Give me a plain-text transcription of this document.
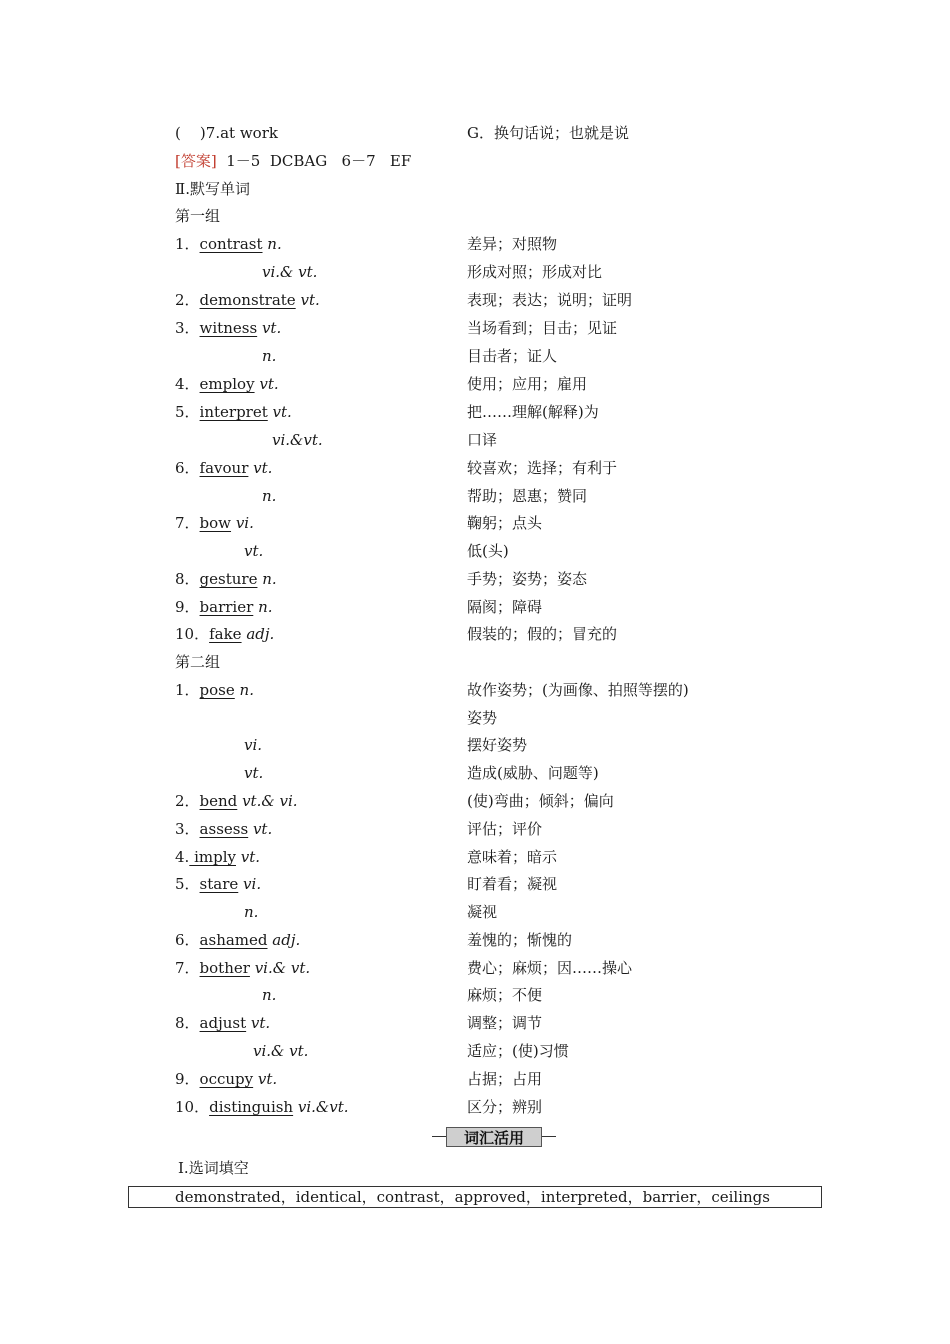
(    )7.at work	G．换句话说；也就是说
[答案]  1－5  DCBAG   6－7   EF
Ⅱ.默写单词
第一组
1．contrast n.	差异；对照物
vi.& vt.	形成对照；形成对比
2．demonstrate vt.	表现；表达；说明；证明
3．witness vt.	当场看到；目击；见证
n.	目击者；证人
4．employ vt.	使用；应用；雇用
5．interpret vt.	把……理解(解释)为
vi.&vt.	口译
6．favour vt.	较喜欢；选择；有利于
n.	帮助；恩惠；赞同
7．bow vi.	鞠躬；点头
vt.	低(头)
8．gesture n.	手势；姿势；姿态
9．barrier n.	隔阂；障碍
10．fake adj.	假装的；假的；冒充的
第二组
1．pose n.	故作姿势；(为画像、拍照等摆的)
姿势
vi.	摆好姿势
vt.	造成(威胁、问题等)
2．bend vt.& vi.	(使)弯曲；倾斜；偏向
3．assess vt.	评估；评价
4. imply vt.	意味着；暗示
5．stare vi.	盯着看；凝视
n.	凝视
6．ashamed adj.	羞愧的；惭愧的
7．bother vi.& vt.	费心；麻烦；因……操心
n.	麻烦；不便
8．adjust vt.	调整；调节
vi.& vt.	适应；(使)习惯
9．occupy vt.	占据；占用
10．distinguish vi.&vt.	区分；辨别
词汇活用
Ⅰ.选词填空
demonstrated，identical，contrast，approved，interpreted，barrier，ceilings
